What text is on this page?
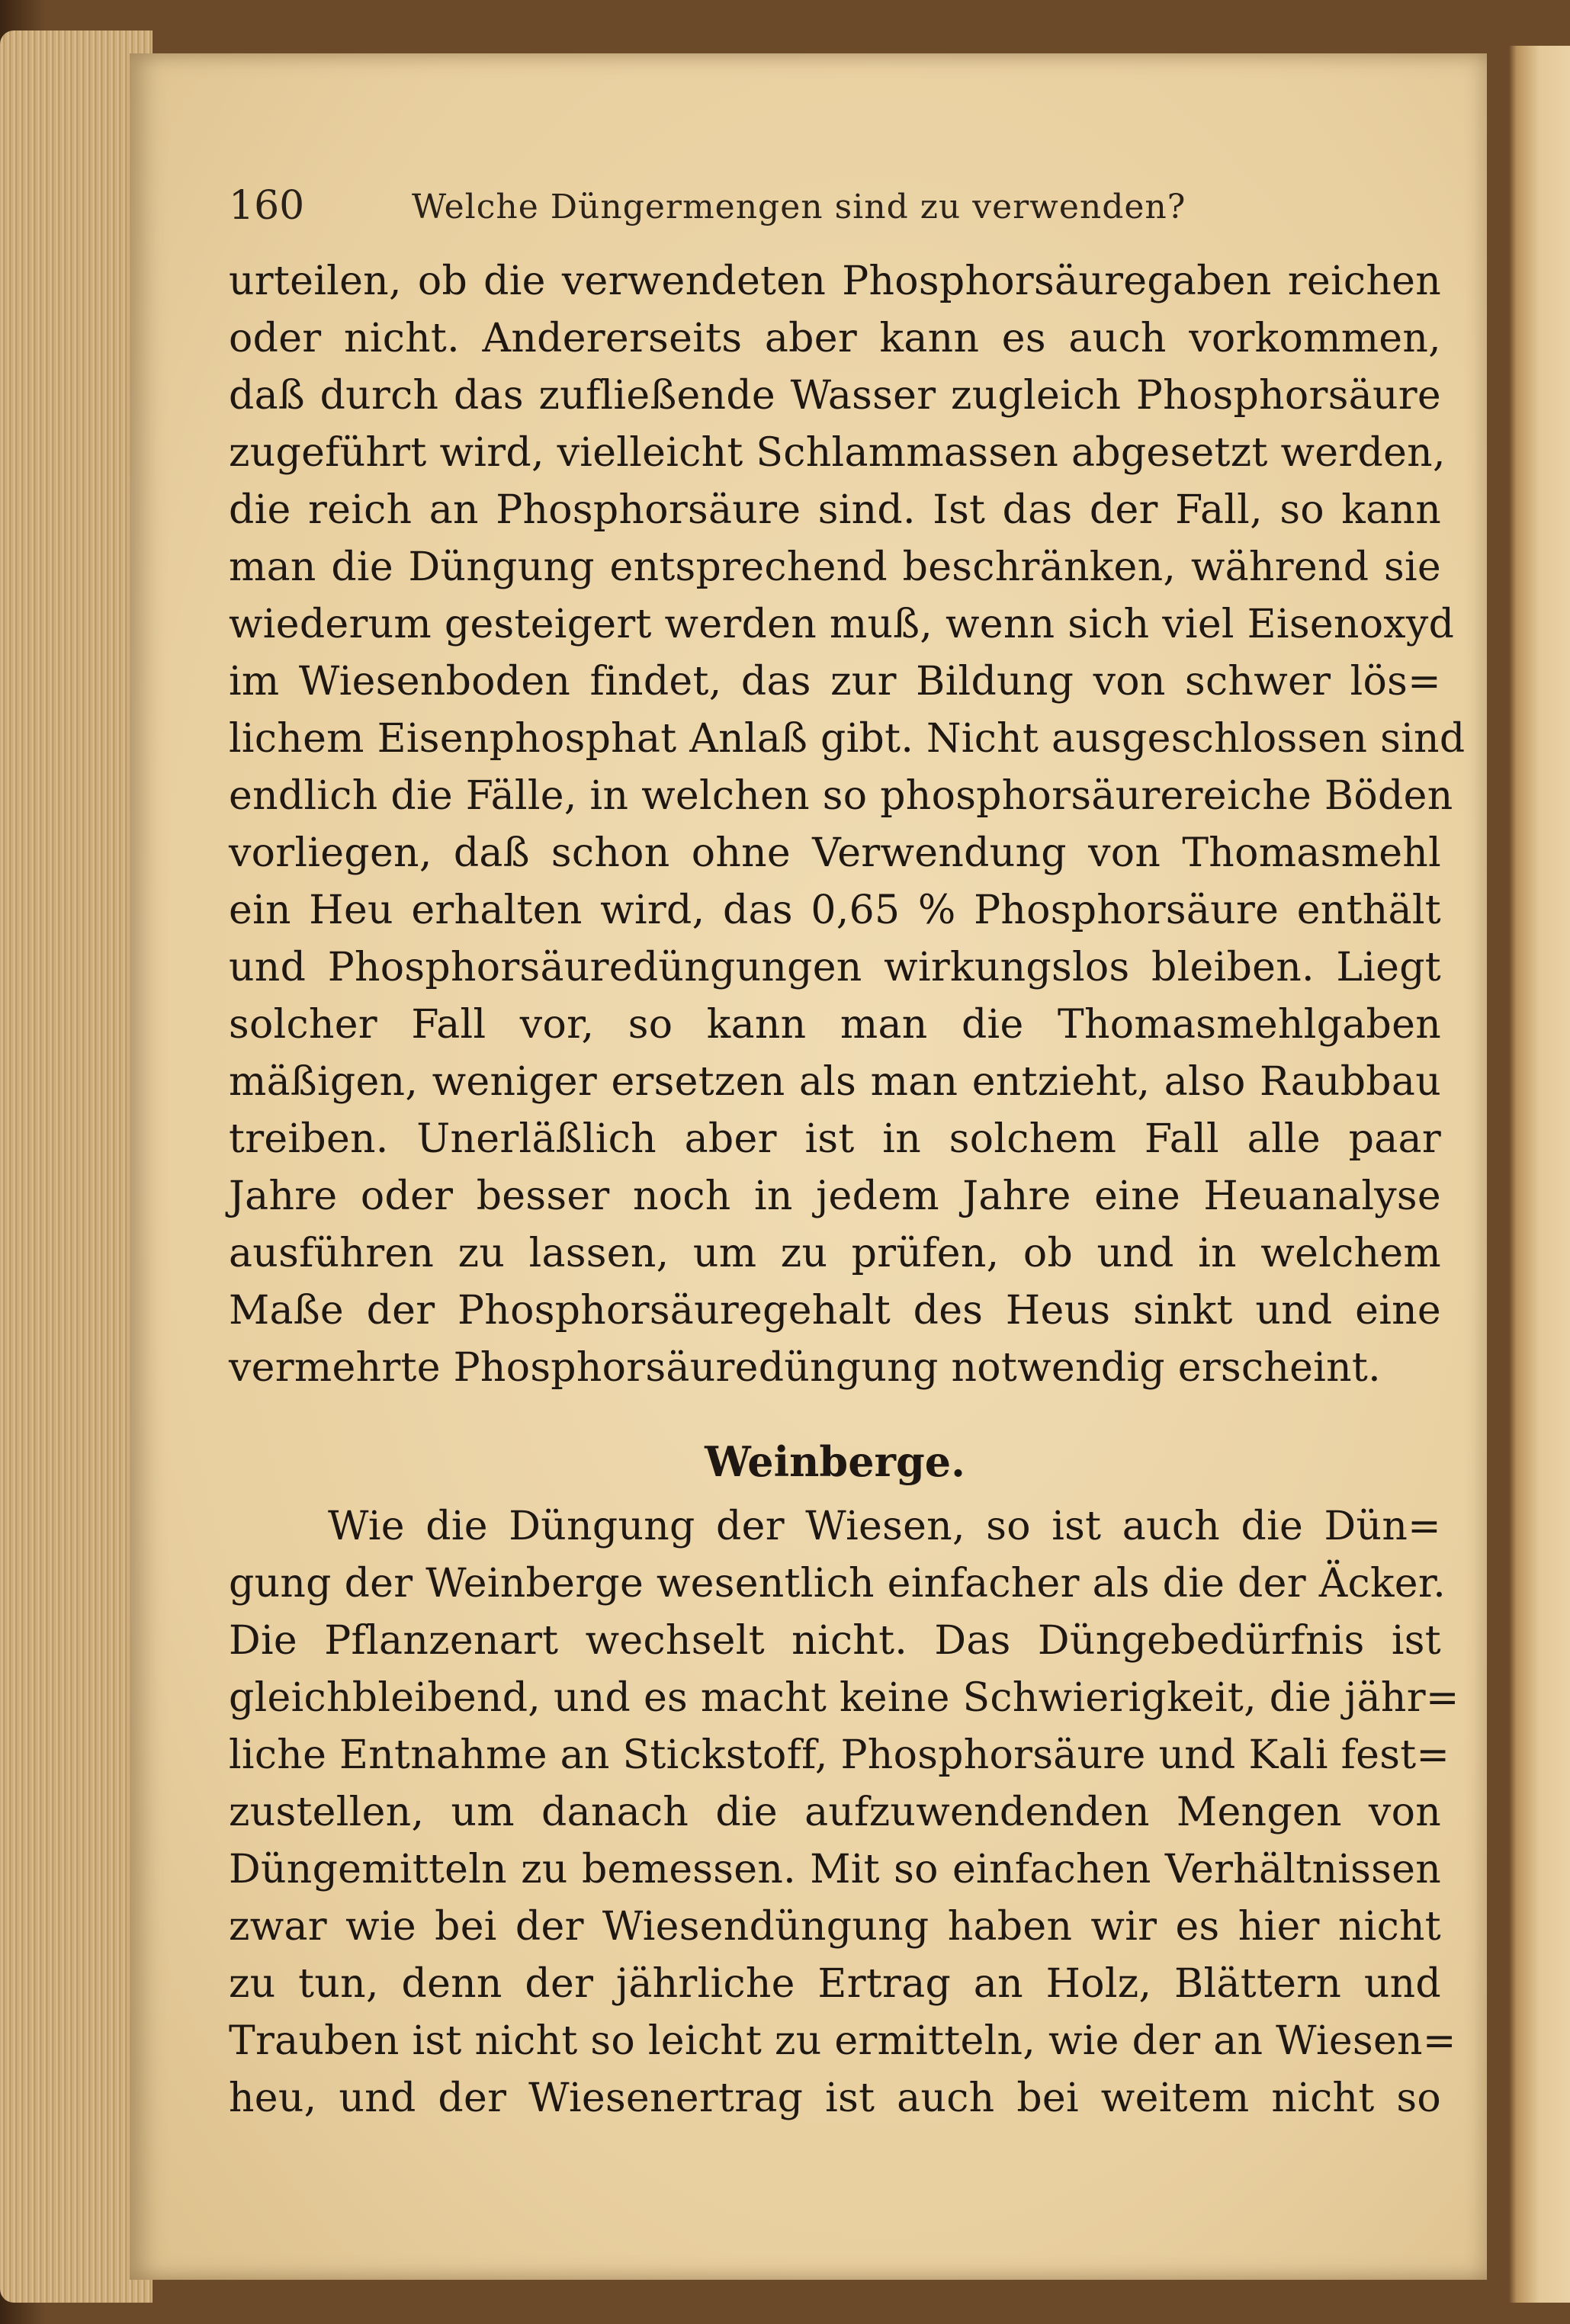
160	Welche Düngermengen sind zu verwenden?
urteilen, ob die verwendeten Phosphorsäuregaben reichen
oder nicht. Andererseits aber kann es auch vorkommen,
daß durch das zufließende Wasser zugleich Phosphorsäure
zugeführt wird, vielleicht Schlammassen abgesetzt werden,
die reich an Phosphorsäure sind. Ist das der Fall, so kann
man die Düngung entsprechend beschränken, während sie
wiederum gesteigert werden muß, wenn sich viel Eisenoxyd
im Wiesenboden findet, das zur Bildung von schwer lös=
lichem Eisenphosphat Anlaß gibt. Nicht ausgeschlossen sind
endlich die Fälle, in welchen so phosphorsäurereiche Böden
vorliegen, daß schon ohne Verwendung von Thomasmehl
ein Heu erhalten wird, das 0,65 % Phosphorsäure enthält
und Phosphorsäuredüngungen wirkungslos bleiben. Liegt
solcher Fall vor, so kann man die Thomasmehlgaben
mäßigen, weniger ersetzen als man entzieht, also Raubbau
treiben. Unerläßlich aber ist in solchem Fall alle paar
Jahre oder besser noch in jedem Jahre eine Heuanalyse
ausführen zu lassen, um zu prüfen, ob und in welchem
Maße der Phosphorsäuregehalt des Heus sinkt und eine
vermehrte Phosphorsäuredüngung notwendig erscheint.
Weinberge.
Wie die Düngung der Wiesen, so ist auch die Dün=
gung der Weinberge wesentlich einfacher als die der Äcker.
Die Pflanzenart wechselt nicht. Das Düngebedürfnis ist
gleichbleibend, und es macht keine Schwierigkeit, die jähr=
liche Entnahme an Stickstoff, Phosphorsäure und Kali fest=
zustellen, um danach die aufzuwendenden Mengen von
Düngemitteln zu bemessen. Mit so einfachen Verhältnissen
zwar wie bei der Wiesendüngung haben wir es hier nicht
zu tun, denn der jährliche Ertrag an Holz, Blättern und
Trauben ist nicht so leicht zu ermitteln, wie der an Wiesen=
heu, und der Wiesenertrag ist auch bei weitem nicht so
